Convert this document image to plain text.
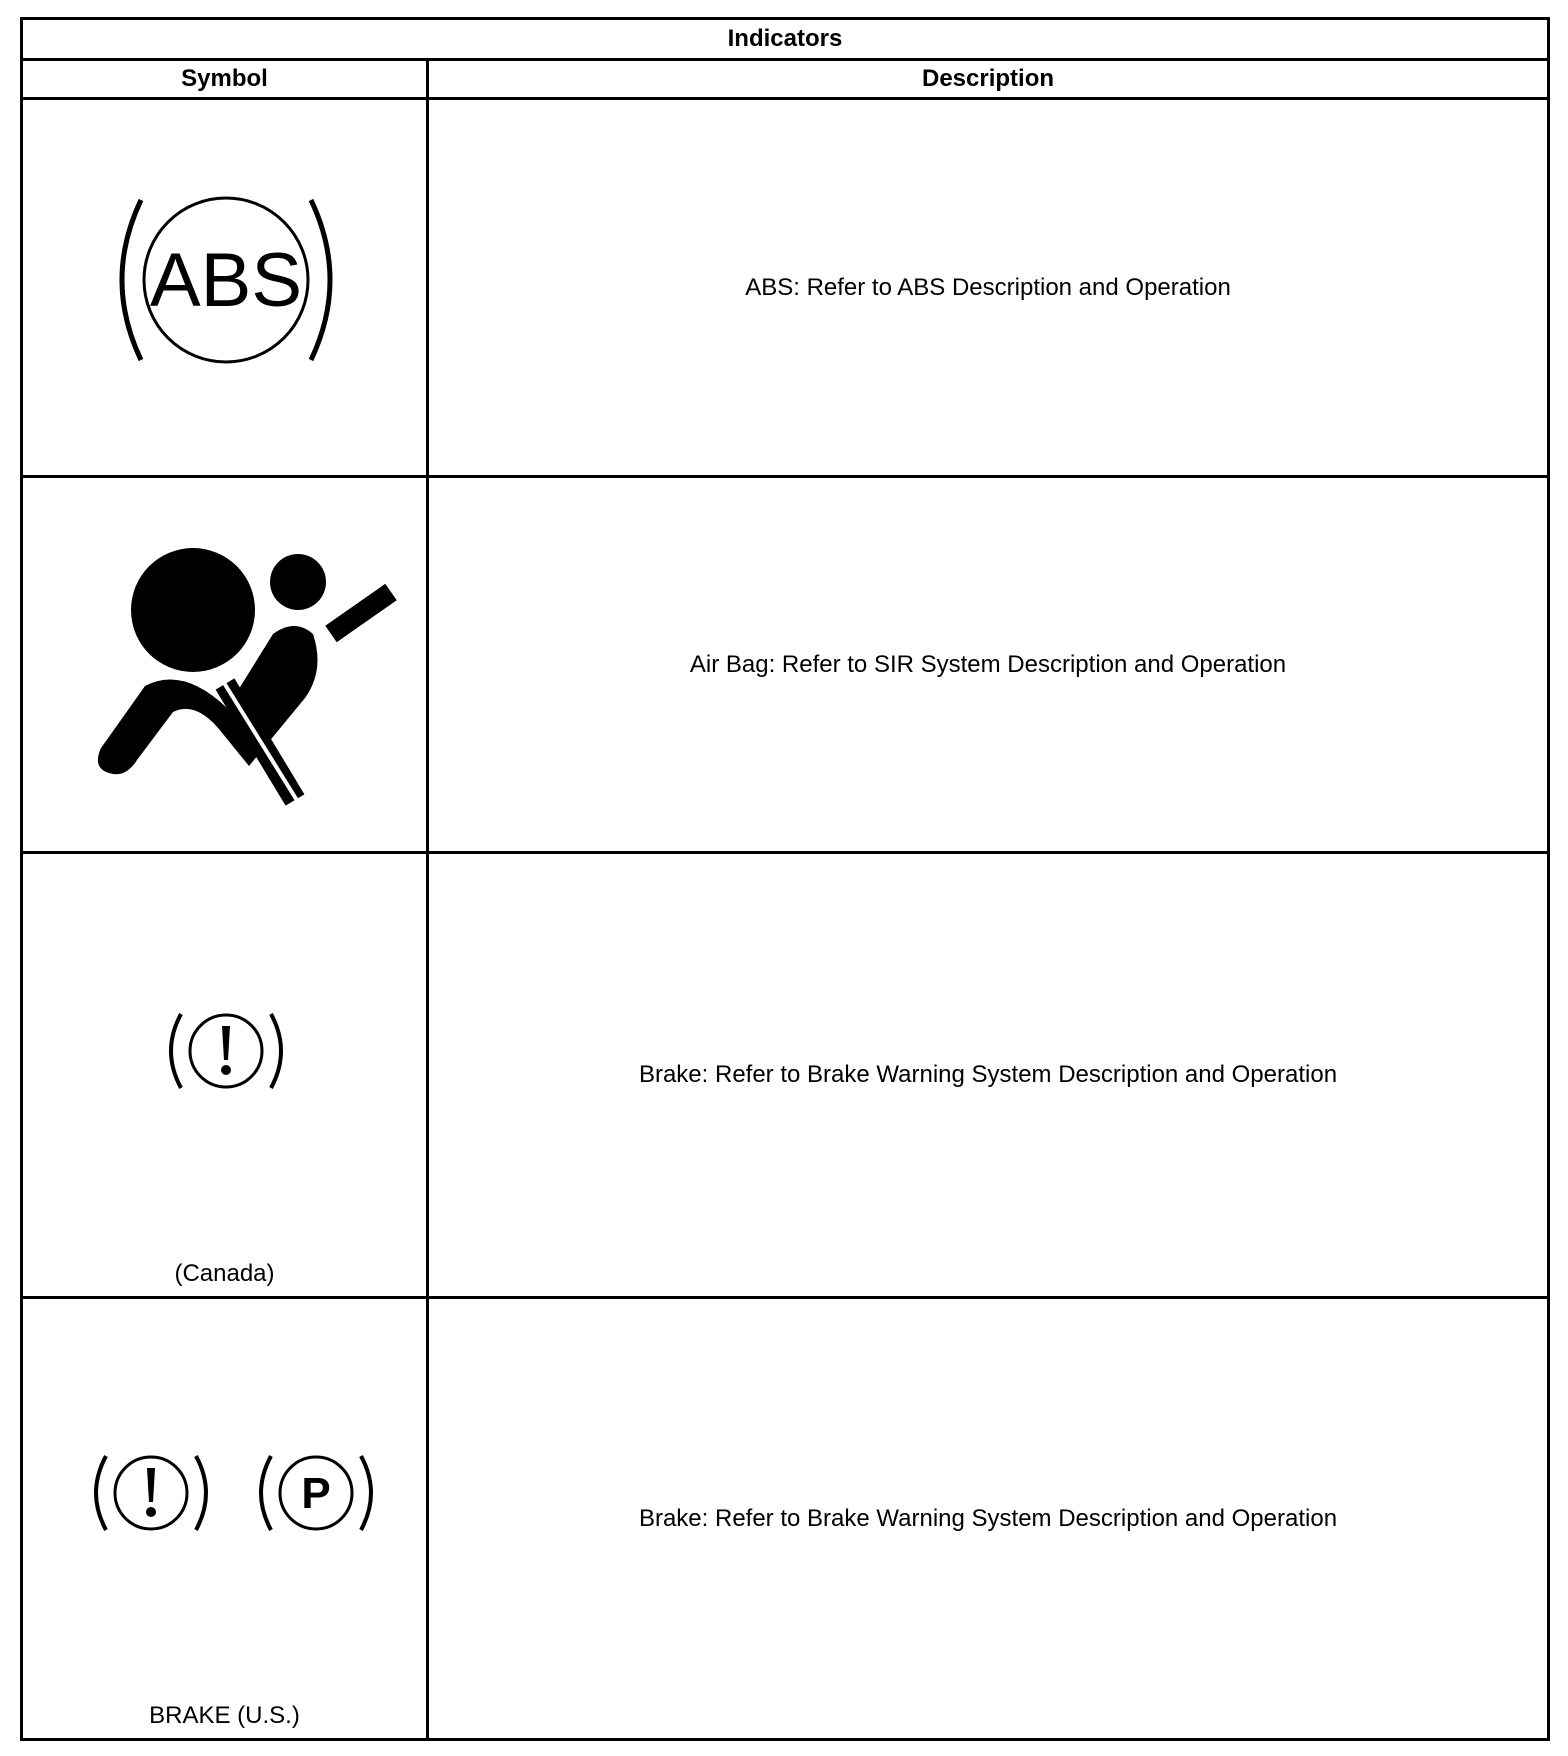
Indicators	
Symbol	Description

ABS	ABS: Refer to ABS Description and Operation

	Air Bag: Refer to SIR System Description and Operation

(Canada)	Brake: Refer to Brake Warning System Description and Operation

P
BRAKE (U.S.)	Brake: Refer to Brake Warning System Description and Operation
